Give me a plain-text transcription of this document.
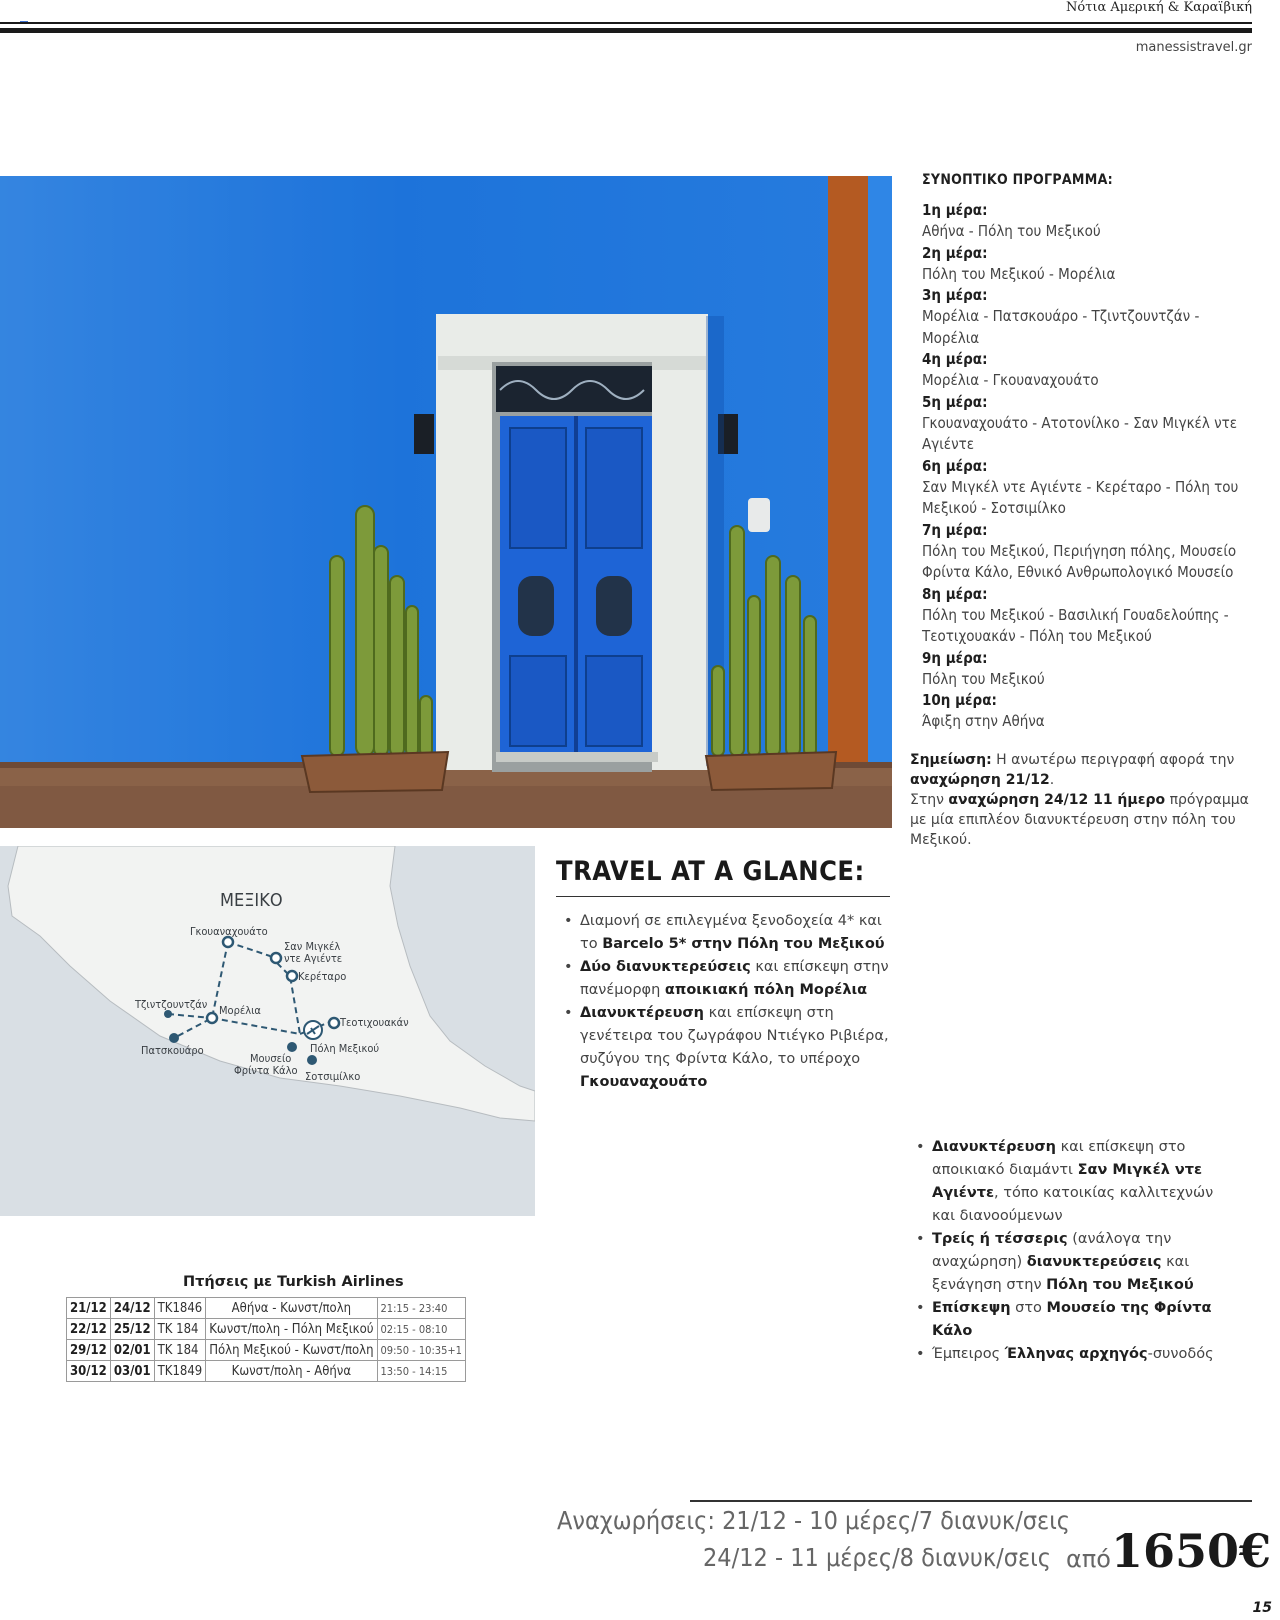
Νότια Αμερική & Καραϊβική
manessistravel.gr
ΣΥΝΟΠΤΙΚΟ ΠΡΟΓΡΑΜΜΑ:
1η μέρα:
Αθήνα - Πόλη του Μεξικού
2η μέρα:
Πόλη του Μεξικού - Μορέλια
3η μέρα:
Μορέλια - Πατσκουάρο - Τζιντζουντζάν - Μορέλια
4η μέρα:
Μορέλια - Γκουαναχουάτο
5η μέρα:
Γκουαναχουάτο - Ατοτονίλκο - Σαν Μιγκέλ ντε Αγιέντε
6η μέρα:
Σαν Μιγκέλ ντε Αγιέντε - Κερέταρο - Πόλη του Μεξικού - Σοτσιμίλκο
7η μέρα:
Πόλη του Μεξικού, Περιήγηση πόλης, Μουσείο Φρίντα Κάλο, Εθνικό Ανθρωπολογικό Μουσείο
8η μέρα:
Πόλη του Μεξικού - Βασιλική Γουαδελούπης - Τεοτιχουακάν - Πόλη του Μεξικού
9η μέρα:
Πόλη του Μεξικού
10η μέρα:
Άφιξη στην Αθήνα
Σημείωση: Η ανωτέρω περιγραφή αφορά την αναχώρηση 21/12.
Στην αναχώρηση 24/12 11 ήμερο πρόγραμμα με μία επιπλέον διανυκτέρευση στην πόλη του Μεξικού.
ΜΕΞΙΚΟ
Γκουαναχουάτο
Σαν Μιγκέλ
ντε Αγιέντε
Κερέταρο
Τζιντζουντζάν Μορέλια
Τεοτιχουακάν
Πατσκουάρο	Πόλη Μεξικού
Μουσείο
Φρίντα Κάλο Σοτσιμίλκο
TRAVEL AT A GLANCE:
• Διαμονή σε επιλεγμένα ξενοδοχεία 4* και το Barcelo 5* στην Πόλη του Μεξικού
• Δύο διανυκτερεύσεις και επίσκεψη στην πανέμορφη αποικιακή πόλη Μορέλια
• Διανυκτέρευση και επίσκεψη στη γενέτειρα του ζωγράφου Ντιέγκο Ριβιέρα, συζύγου της Φρίντα Κάλο, το υπέροχο Γκουαναχουάτο
• Διανυκτέρευση και επίσκεψη στο αποικιακό διαμάντι Σαν Μιγκέλ ντε Αγιέντε, τόπο κατοικίας καλλιτεχνών και διανοούμενων
• Τρείς ή τέσσερις (ανάλογα την αναχώρηση) διανυκτερεύσεις και ξενάγηση στην Πόλη του Μεξικού
• Επίσκεψη στο Μουσείο της Φρίντα Κάλο
• Έμπειρος Έλληνας αρχηγός-συνοδός
Πτήσεις με Turkish Airlines
21/12	24/12	TK1846	Αθήνα - Κωνστ/πολη	21:15 - 23:40
22/12	25/12	TK 184	Κωνστ/πολη - Πόλη Μεξικού	02:15 - 08:10
29/12	02/01	TK 184	Πόλη Μεξικού - Κωνστ/πολη	09:50 - 10:35+1
30/12	03/01	TK1849	Κωνστ/πολη - Αθήνα	13:50 - 14:15
Αναχωρήσεις: 21/12 - 10 μέρες/7 διανυκ/σεις
24/12 - 11 μέρες/8 διανυκ/σεις από 1650€
15
